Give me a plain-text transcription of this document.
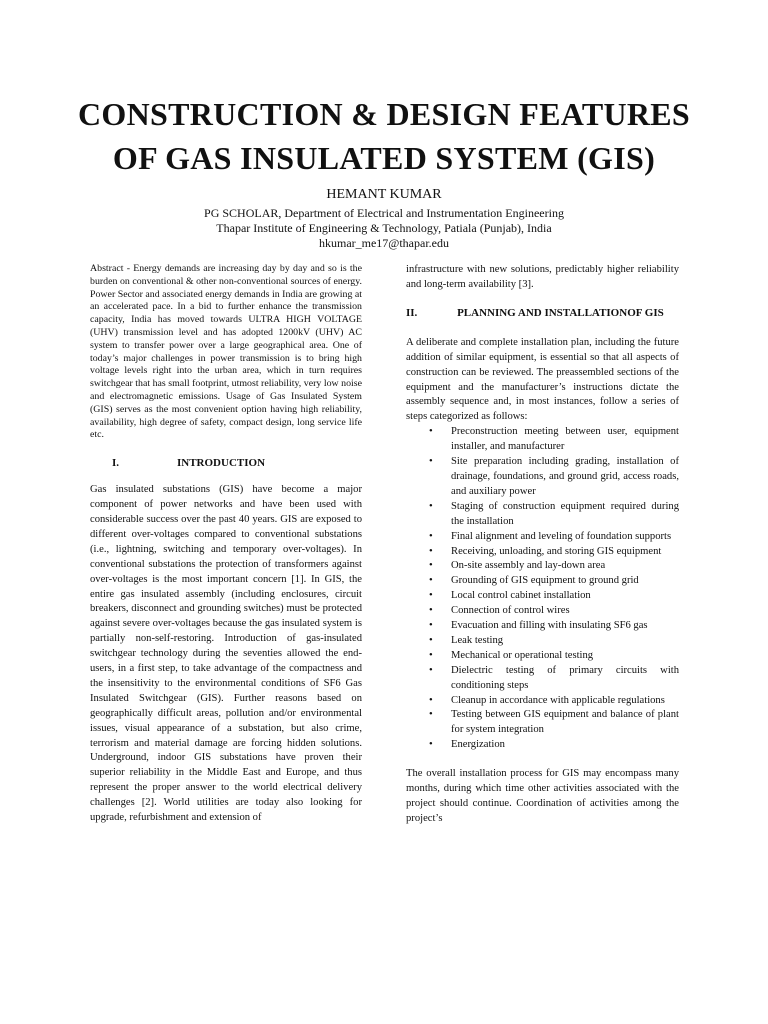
CONSTRUCTION & DESIGN FEATURES
OF GAS INSULATED SYSTEM (GIS)
HEMANT KUMAR
PG SCHOLAR, Department of Electrical and Instrumentation Engineering
Thapar Institute of Engineering & Technology, Patiala (Punjab), India
hkumar_me17@thapar.edu

Abstract - Energy demands are increasing day by day and so is the burden on conventional & other non-conventional sources of energy. Power Sector and associated energy demands in India are growing at an accelerated pace. In a bid to further enhance the transmission capacity, India has moved towards ULTRA HIGH VOLTAGE (UHV) transmission level and has adopted 1200kV (UHV) AC system to transfer power over a large geographical area. One of today’s major challenges in power transmission is to bring high voltage levels right into the urban area, which in turn requires switchgear that has small footprint, utmost reliability, very low noise and electromagnetic emissions. Usage of Gas Insulated System (GIS) serves as the most convenient option having high reliability, availability, high degree of safety, compact design, long service life etc.

I.	INTRODUCTION

Gas insulated substations (GIS) have become a major component of power networks and have been used with considerable success over the past 40 years. GIS are exposed to different over-voltages compared to conventional substations (i.e., lightning, switching and temporary over-voltages). In conventional substations the protection of transformers against over-voltages is the most important concern [1]. In GIS, the entire gas insulated assembly (including enclosures, circuit breakers, disconnect and grounding switches) must be protected against severe over-voltages because the gas insulated system is partially non-self-restoring. Introduction of gas-insulated switchgear technology during the seventies allowed the end-users, in a first step, to take advantage of the compactness and the insensitivity to the environmental conditions of SF6 Gas Insulated Switchgear (GIS). Further reasons based on geographically difficult areas, pollution and/or environmental issues, visual appearance of a substation, but also crime, terrorism and material damage are forcing hidden solutions. Underground, indoor GIS substations have proven their superior reliability in the Middle East and Europe, and thus represent the proper answer to the world electrical delivery challenges [2]. World utilities are today also looking for upgrade, refurbishment and extension of

infrastructure with new solutions, predictably higher reliability and long-term availability [3].

II.	PLANNING AND INSTALLATION OF GIS

A deliberate and complete installation plan, including the future addition of similar equipment, is essential so that all aspects of construction can be reviewed. The preassembled sections of the equipment and the manufacturer’s instructions dictate the assembly sequence and, in most instances, follow a series of steps categorized as follows:

• Preconstruction meeting between user, equipment installer, and manufacturer
• Site preparation including grading, installation of drainage, foundations, and ground grid, access roads, and auxiliary power
• Staging of construction equipment required during the installation
• Final alignment and leveling of foundation supports
• Receiving, unloading, and storing GIS equipment
• On-site assembly and lay-down area
• Grounding of GIS equipment to ground grid
• Local control cabinet installation
• Connection of control wires
• Evacuation and filling with insulating SF6 gas
• Leak testing
• Mechanical or operational testing
• Dielectric testing of primary circuits with conditioning steps
• Cleanup in accordance with applicable regulations
• Testing between GIS equipment and balance of plant for system integration
• Energization

The overall installation process for GIS may encompass many months, during which time other activities associated with the project should continue. Coordination of activities among the project’s
